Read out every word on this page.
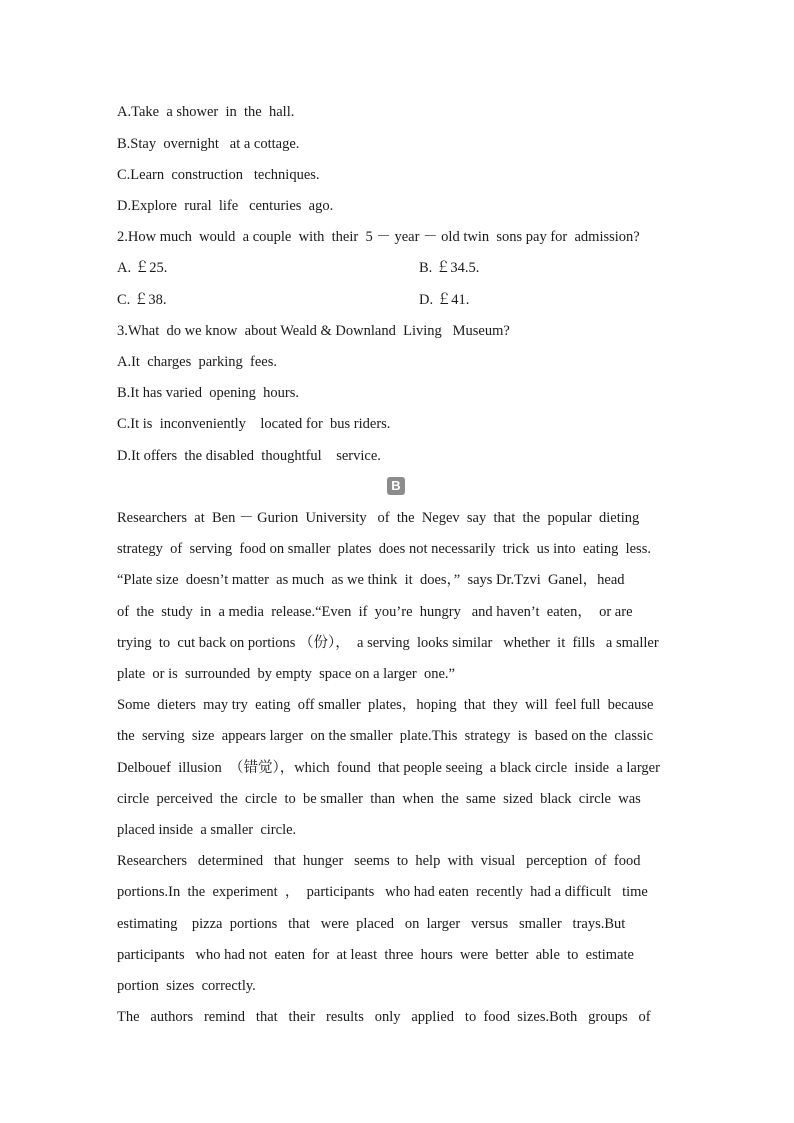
A.Take  a shower  in  the  hall.
B.Stay  overnight   at a cottage.
C.Learn  construction   techniques.
D.Explore  rural  life   centuries  ago.
2.How much  would  a couple  with  their  5 － year － old twin  sons pay for  admission?
A. ￡25.	B. ￡34.5.
C. ￡38.	D. ￡41.
3.What  do we know  about Weald & Downland  Living   Museum?
A.It  charges  parking  fees.
B.It has varied  opening  hours.
C.It is  inconveniently    located for  bus riders.
D.It offers  the disabled  thoughtful    service.
B
Researchers  at  Ben － Gurion  University   of  the  Negev  say  that  the  popular  dieting
strategy  of  serving  food on smaller  plates  does not necessarily  trick  us into  eating  less.
“Plate size  doesn’t matter  as much  as we think  it  does，”  says Dr.Tzvi  Ganel，head
of  the  study  in  a media  release.“Even  if  you’re  hungry   and haven’t  eaten，  or are
trying  to  cut back on portions （份），  a serving  looks similar   whether  it  fills   a smaller
plate  or is  surrounded  by empty  space on a larger  one.”
Some  dieters  may try  eating  off smaller  plates，hoping  that  they  will  feel full  because
the  serving  size  appears larger  on the smaller  plate.This  strategy  is  based on the  classic
Delbouef  illusion  （错觉），which  found  that people seeing  a black circle  inside  a larger
circle  perceived  the  circle  to  be smaller  than  when  the  same  sized  black  circle  was
placed inside  a smaller  circle.
Researchers   determined   that  hunger   seems  to  help  with  visual   perception  of  food
portions.In  the  experiment  ，  participants   who had eaten  recently  had a difficult   time
estimating    pizza  portions   that   were  placed   on  larger   versus   smaller   trays.But
participants   who had not  eaten  for  at least  three  hours  were  better  able  to  estimate
portion  sizes  correctly.
The   authors   remind   that   their   results   only   applied   to  food  sizes.Both   groups   of
